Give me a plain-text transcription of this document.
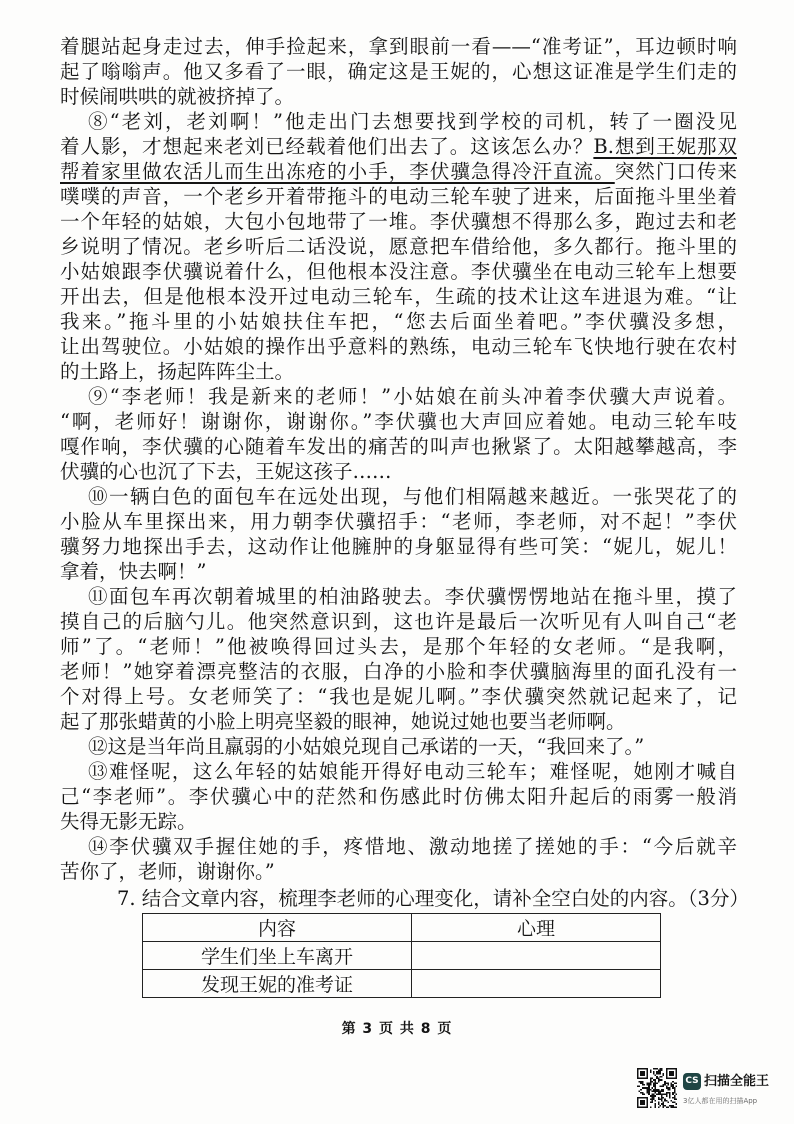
着腿站起身走过去，伸手捡起来，拿到眼前一看——“准考证”，耳边顿时响
起了嗡嗡声。他又多看了一眼，确定这是王妮的，心想这证准是学生们走的
时候闹哄哄的就被挤掉了。
⑧“老刘，老刘啊！”他走出门去想要找到学校的司机，转了一圈没见
着人影，才想起来老刘已经载着他们出去了。这该怎么办？B.想到王妮那双
帮着家里做农活儿而生出冻疮的小手，李伏骥急得冷汗直流。突然门口传来
噗噗的声音，一个老乡开着带拖斗的电动三轮车驶了进来，后面拖斗里坐着
一个年轻的姑娘，大包小包地带了一堆。李伏骥想不得那么多，跑过去和老
乡说明了情况。老乡听后二话没说，愿意把车借给他，多久都行。拖斗里的
小姑娘跟李伏骥说着什么，但他根本没注意。李伏骥坐在电动三轮车上想要
开出去，但是他根本没开过电动三轮车，生疏的技术让这车进退为难。“让
我来。”拖斗里的小姑娘扶住车把，“您去后面坐着吧。”李伏骥没多想，
让出驾驶位。小姑娘的操作出乎意料的熟练，电动三轮车飞快地行驶在农村
的土路上，扬起阵阵尘土。
⑨“李老师！我是新来的老师！”小姑娘在前头冲着李伏骥大声说着。
“啊，老师好！谢谢你，谢谢你。”李伏骥也大声回应着她。电动三轮车吱
嘎作响，李伏骥的心随着车发出的痛苦的叫声也揪紧了。太阳越攀越高，李
伏骥的心也沉了下去，王妮这孩子……
⑩一辆白色的面包车在远处出现，与他们相隔越来越近。一张哭花了的
小脸从车里探出来，用力朝李伏骥招手：“老师，李老师，对不起！”李伏
骥努力地探出手去，这动作让他臃肿的身躯显得有些可笑：“妮儿，妮儿！
拿着，快去啊！”
⑪面包车再次朝着城里的柏油路驶去。李伏骥愣愣地站在拖斗里，摸了
摸自己的后脑勺儿。他突然意识到，这也许是最后一次听见有人叫自己“老
师”了。“老师！”他被唤得回过头去，是那个年轻的女老师。“是我啊，
老师！”她穿着漂亮整洁的衣服，白净的小脸和李伏骥脑海里的面孔没有一
个对得上号。女老师笑了：“我也是妮儿啊。”李伏骥突然就记起来了，记
起了那张蜡黄的小脸上明亮坚毅的眼神，她说过她也要当老师啊。
⑫这是当年尚且羸弱的小姑娘兑现自己承诺的一天，“我回来了。”
⑬难怪呢，这么年轻的姑娘能开得好电动三轮车；难怪呢，她刚才喊自
己“李老师”。李伏骥心中的茫然和伤感此时仿佛太阳升起后的雨雾一般消
失得无影无踪。
⑭李伏骥双手握住她的手，疼惜地、激动地搓了搓她的手：“今后就辛
苦你了，老师，谢谢你。”
7. 结合文章内容，梳理李老师的心理变化，请补全空白处的内容。（3分）
内容	心理
学生们坐上车离开	
发现王妮的准考证	
第 3 页 共 8 页
CS 扫描全能王
3亿人都在用的扫描App
